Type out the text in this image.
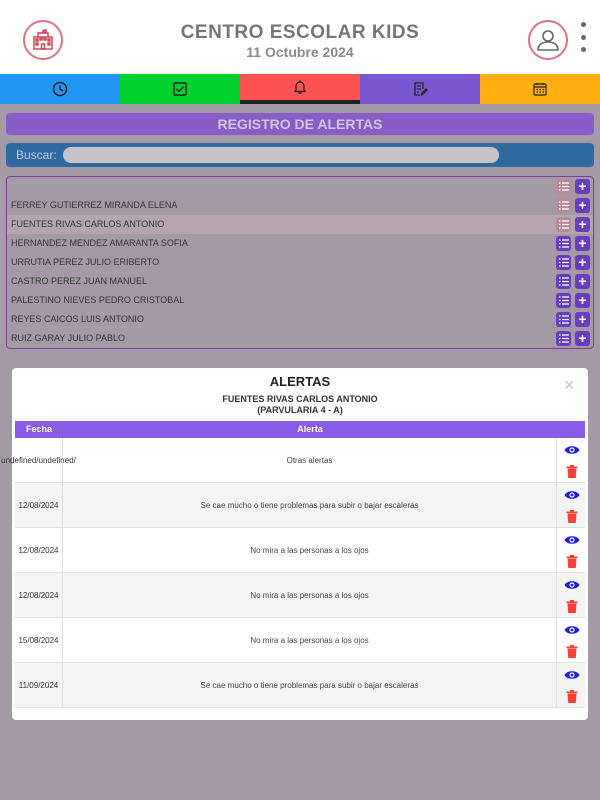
CENTRO ESCOLAR KIDS
11 Octubre 2024
REGISTRO DE ALERTAS
Buscar:
+
FERREY GUTIERREZ MIRANDA ELENA	+
FUENTES RIVAS CARLOS ANTONIO	+
HERNANDEZ MENDEZ AMARANTA SOFIA	+
URRUTIA PEREZ JULIO ERIBERTO	+
CASTRO PEREZ JUAN MANUEL	+
PALESTINO NIEVES PEDRO CRISTOBAL	+
REYES CAICOS LUIS ANTONIO	+
RUIZ GARAY JULIO PABLO	+
ALERTAS	×
FUENTES RIVAS CARLOS ANTONIO
(PARVULARIA 4 - A)
Fecha	Alerta
undefined/undefined/	Otras alertas
12/08/2024	Se cae mucho o tiene problemas para subir o bajar escaleras
12/08/2024	No mira a las personas a los ojos
12/08/2024	No mira a las personas a los ojos
15/08/2024	No mira a las personas a los ojos
11/09/2024	Se cae mucho o tiene problemas para subir o bajar escaleras
